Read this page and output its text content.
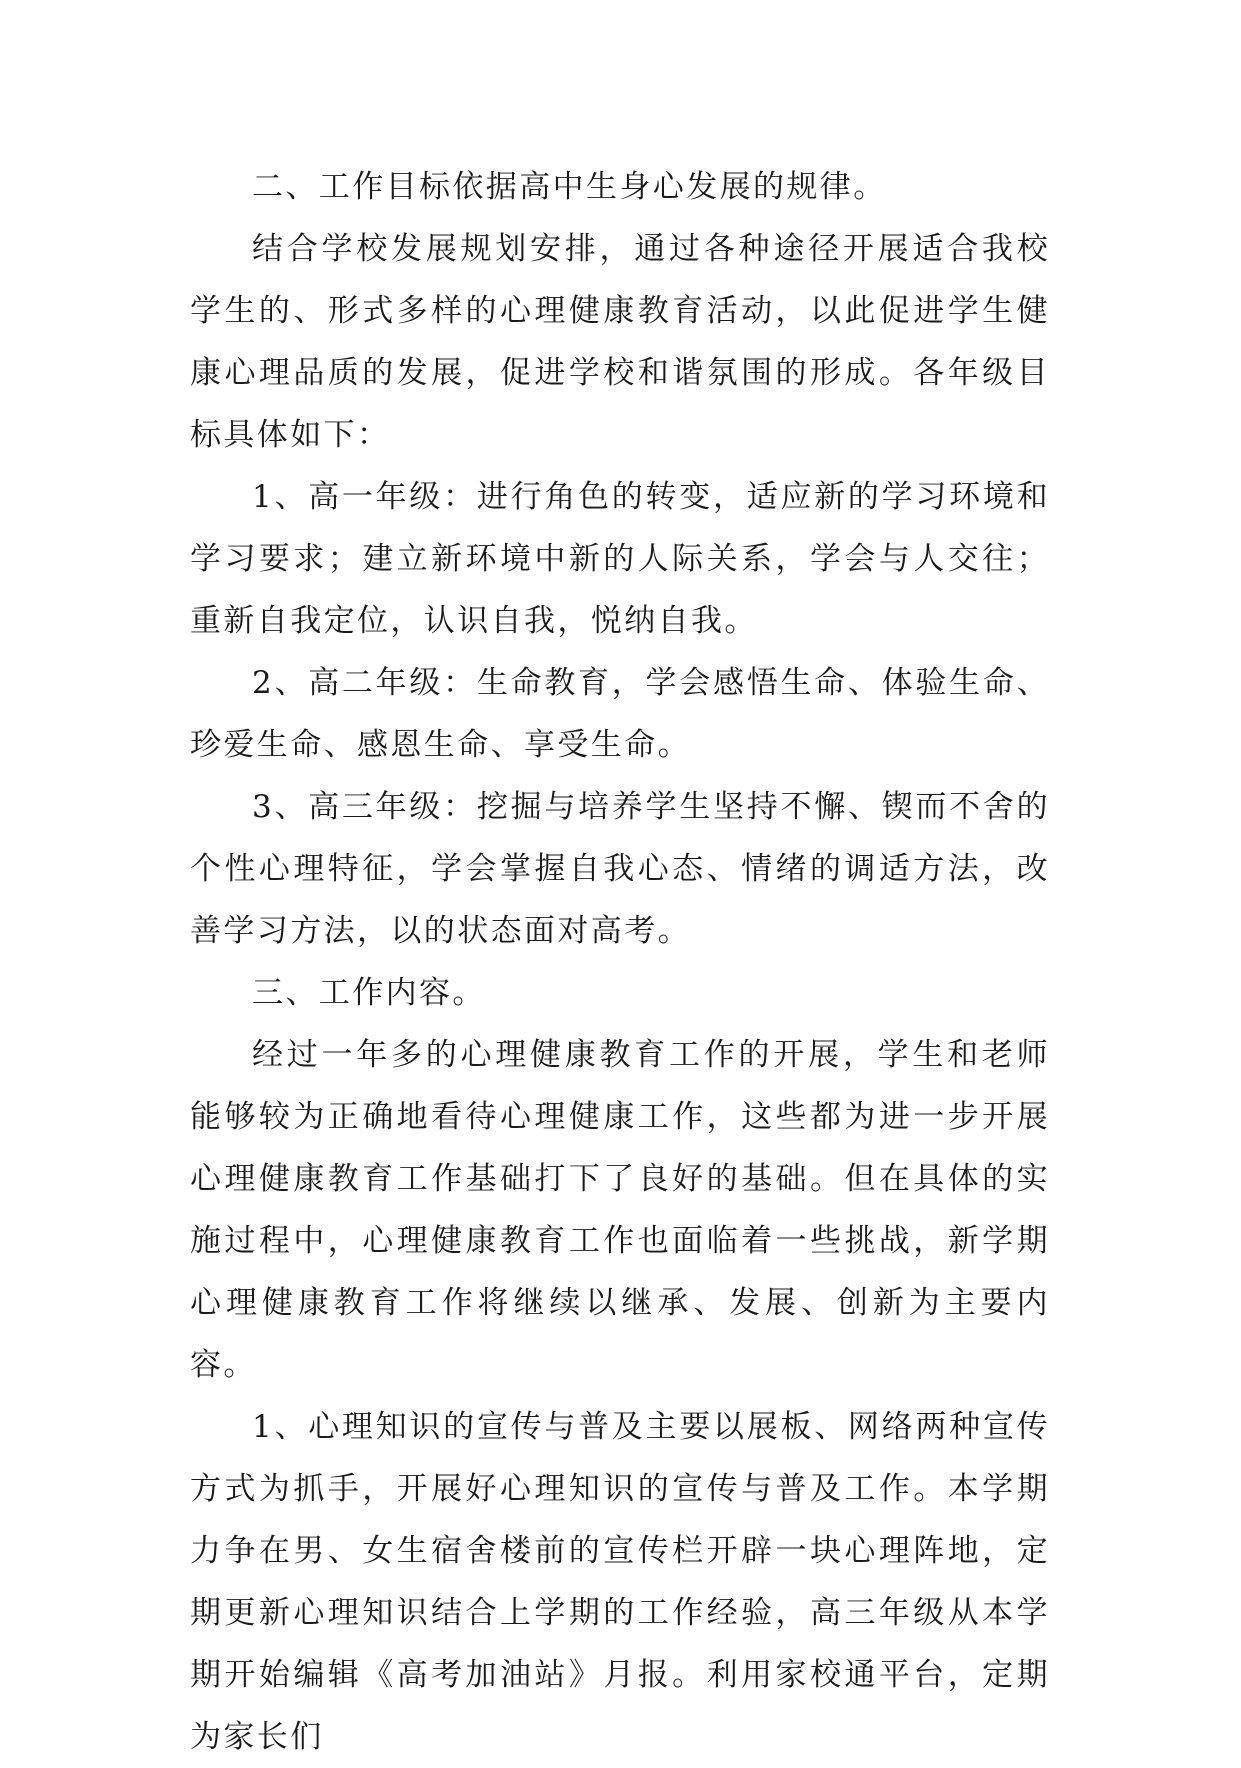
二、工作目标依据高中生身心发展的规律。

结合学校发展规划安排，通过各种途径开展适合我校学生的、形式多样的心理健康教育活动，以此促进学生健康心理品质的发展，促进学校和谐氛围的形成。各年级目标具体如下：

1、高一年级：进行角色的转变，适应新的学习环境和学习要求；建立新环境中新的人际关系，学会与人交往；重新自我定位，认识自我，悦纳自我。

2、高二年级：生命教育，学会感悟生命、体验生命、珍爱生命、感恩生命、享受生命。

3、高三年级：挖掘与培养学生坚持不懈、锲而不舍的个性心理特征，学会掌握自我心态、情绪的调适方法，改善学习方法，以的状态面对高考。

三、工作内容。

经过一年多的心理健康教育工作的开展，学生和老师能够较为正确地看待心理健康工作，这些都为进一步开展心理健康教育工作基础打下了良好的基础。但在具体的实施过程中，心理健康教育工作也面临着一些挑战，新学期心理健康教育工作将继续以继承、发展、创新为主要内容。

1、心理知识的宣传与普及主要以展板、网络两种宣传方式为抓手，开展好心理知识的宣传与普及工作。本学期力争在男、女生宿舍楼前的宣传栏开辟一块心理阵地，定期更新心理知识结合上学期的工作经验，高三年级从本学期开始编辑《高考加油站》月报。利用家校通平台，定期为家长们
